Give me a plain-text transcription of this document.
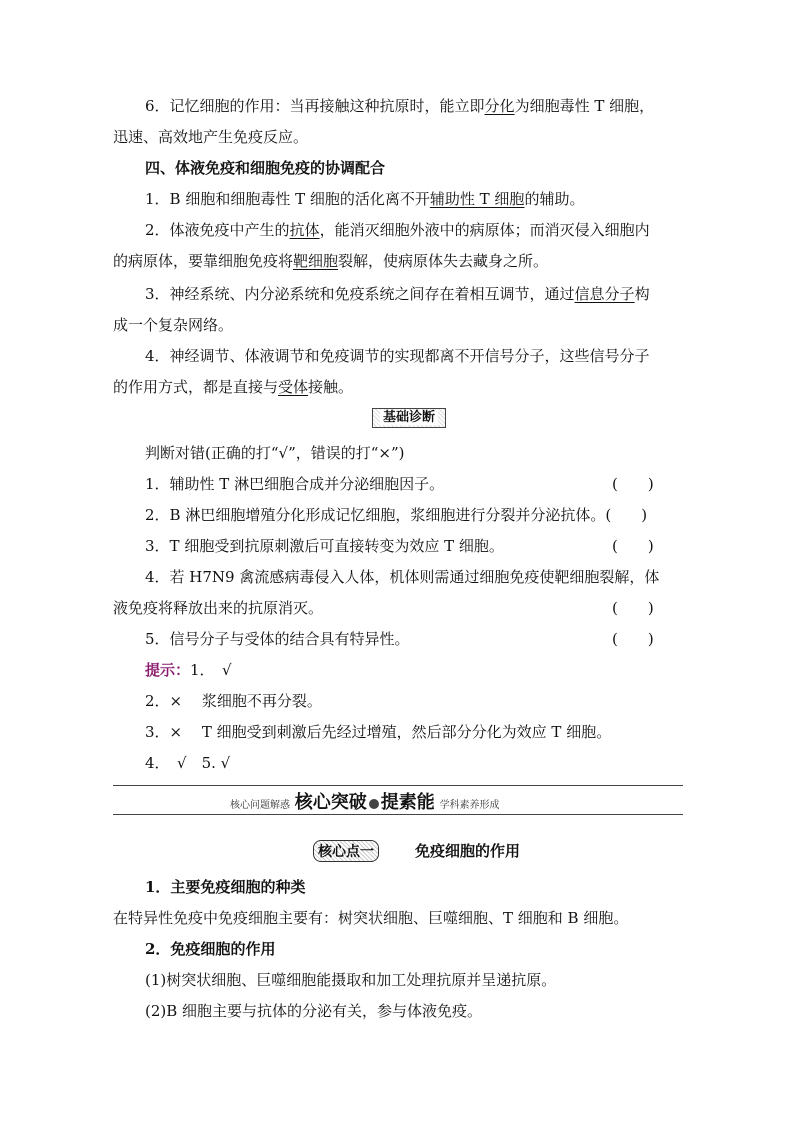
6．记忆细胞的作用：当再接触这种抗原时，能立即分化为细胞毒性 T 细胞，
迅速、高效地产生免疫反应。
四、体液免疫和细胞免疫的协调配合
1．B 细胞和细胞毒性 T 细胞的活化离不开辅助性 T 细胞的辅助。
2．体液免疫中产生的抗体，能消灭细胞外液中的病原体；而消灭侵入细胞内
的病原体，要靠细胞免疫将靶细胞裂解，使病原体失去藏身之所。
3．神经系统、内分泌系统和免疫系统之间存在着相互调节，通过信息分子构
成一个复杂网络。
4．神经调节、体液调节和免疫调节的实现都离不开信号分子，这些信号分子
的作用方式，都是直接与受体接触。
基础诊断
判断对错(正确的打“√”，错误的打“×”)
1．辅助性 T 淋巴细胞合成并分泌细胞因子。	(　　)
2．B 淋巴细胞增殖分化形成记忆细胞，浆细胞进行分裂并分泌抗体。(　　)
3．T 细胞受到抗原刺激后可直接转变为效应 T 细胞。	(　　)
4．若 H7N9 禽流感病毒侵入人体，机体则需通过细胞免疫使靶细胞裂解，体
液免疫将释放出来的抗原消灭。	(　　)
5．信号分子与受体的结合具有特异性。	(　　)
提示：1．　√
2．×　 浆细胞不再分裂。
3．×　 T 细胞受到刺激后先经过增殖，然后部分分化为效应 T 细胞。
4．　√　5. √
核心问题解惑 核心突破 提素能 学科素养形成
核心点一	免疫细胞的作用
1．主要免疫细胞的种类
在特异性免疫中免疫细胞主要有：树突状细胞、巨噬细胞、T 细胞和 B 细胞。
2．免疫细胞的作用
(1)树突状细胞、巨噬细胞能摄取和加工处理抗原并呈递抗原。
(2)B 细胞主要与抗体的分泌有关，参与体液免疫。
